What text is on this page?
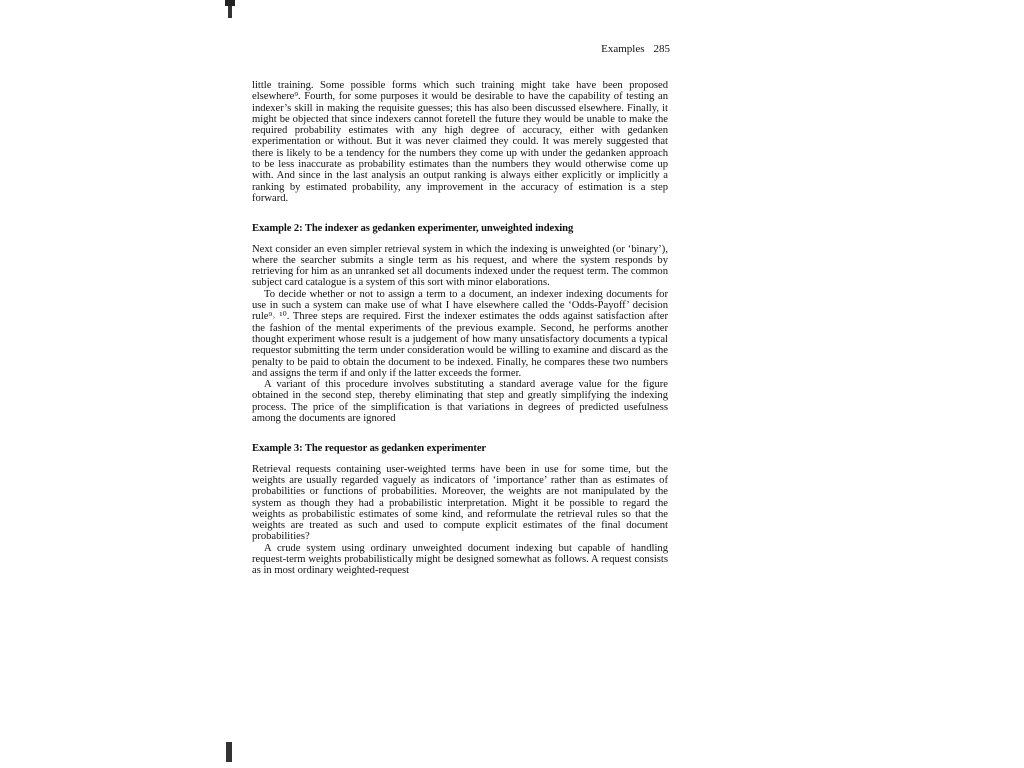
Examples 285

little training. Some possible forms which such training might take have been proposed elsewhere⁹. Fourth, for some purposes it would be desirable to have the capability of testing an indexer’s skill in making the requisite guesses; this has also been discussed elsewhere. Finally, it might be objected that since indexers cannot foretell the future they would be unable to make the required probability estimates with any high degree of accuracy, either with gedanken experimentation or without. But it was never claimed they could. It was merely suggested that there is likely to be a tendency for the numbers they come up with under the gedanken approach to be less inaccurate as probability estimates than the numbers they would otherwise come up with. And since in the last analysis an output ranking is always either explicitly or implicitly a ranking by estimated probability, any improvement in the accuracy of estimation is a step forward.

Example 2: The indexer as gedanken experimenter, unweighted indexing

Next consider an even simpler retrieval system in which the indexing is unweighted (or ‘binary’), where the searcher submits a single term as his request, and where the system responds by retrieving for him as an unranked set all documents indexed under the request term. The common subject card catalogue is a system of this sort with minor elaborations.

To decide whether or not to assign a term to a document, an indexer indexing documents for use in such a system can make use of what I have elsewhere called the ‘Odds-Payoff’ decision rule⁹˒ ¹⁰. Three steps are required. First the indexer estimates the odds against satisfaction after the fashion of the mental experiments of the previous example. Second, he performs another thought experiment whose result is a judgement of how many unsatisfactory documents a typical requestor submitting the term under consideration would be willing to examine and discard as the penalty to be paid to obtain the document to be indexed. Finally, he compares these two numbers and assigns the term if and only if the latter exceeds the former.

A variant of this procedure involves substituting a standard average value for the figure obtained in the second step, thereby eliminating that step and greatly simplifying the indexing process. The price of the simplification is that variations in degrees of predicted usefulness among the documents are ignored

Example 3: The requestor as gedanken experimenter

Retrieval requests containing user-weighted terms have been in use for some time, but the weights are usually regarded vaguely as indicators of ‘importance’ rather than as estimates of probabilities or functions of probabilities. Moreover, the weights are not manipulated by the system as though they had a probabilistic interpretation. Might it be possible to regard the weights as probabilistic estimates of some kind, and reformulate the retrieval rules so that the weights are treated as such and used to compute explicit estimates of the final document probabilities?

A crude system using ordinary unweighted document indexing but capable of handling request-term weights probabilistically might be designed somewhat as follows. A request consists as in most ordinary weighted-request
